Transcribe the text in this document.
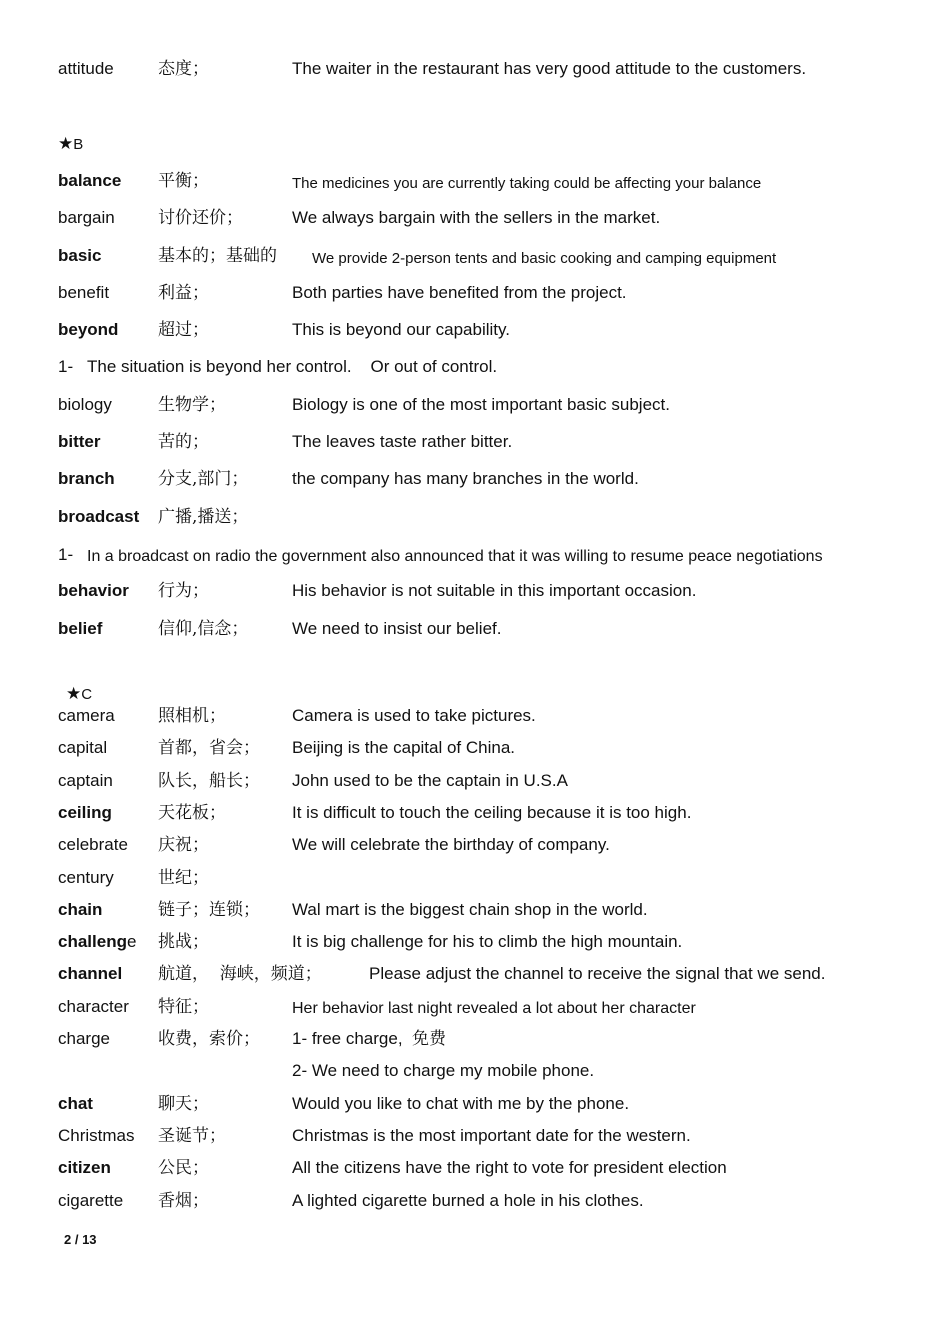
attitude	态度；	The waiter in the restaurant has very good attitude to the customers.
★B
balance 平衡；	The medicines you are currently taking could be affecting your balance
bargain	讨价还价；	We always bargain with the sellers in the market.
basic	基本的；基础的 We provide 2-person tents and basic cooking and camping equipment
benefit	利益；	Both parties have benefited from the project.
beyond 超过；	This is beyond our capability.
1- The situation is beyond her control.    Or out of control.
biology	生物学；	Biology is one of the most important basic subject.
bitter	苦的；	The leaves taste rather bitter.
branch	分支,部门；	the company has many branches in the world.
broadcast 广播,播送；
1- In a broadcast on radio the government also announced that it was willing to resume peace negotiations
behavior 行为；	His behavior is not suitable in this important occasion.
belief	信仰,信念；	We need to insist our belief.
★C
camera	照相机；	Camera is used to take pictures.
capital	首都，省会； Beijing is the capital of China.
captain	队长，船长； John used to be the captain in U.S.A
ceiling	天花板；	It is difficult to touch the ceiling because it is too high.
celebrate 庆祝；	We will celebrate the birthday of company.
century	世纪；
chain	链子；连锁； Wal mart is the biggest chain shop in the world.
challenge 挑战；	It is big challenge for his to climb the high mountain.
channel 航道，  海峡，频道；	Please adjust the channel to receive the signal that we send.
character 特征；	Her behavior last night revealed a lot about her character
charge	收费，索价； 1- free charge,  免费
2- We need to charge my mobile phone.
chat	聊天；	Would you like to chat with me by the phone.
Christmas 圣诞节；	Christmas is the most important date for the western.
citizen	公民；	All the citizens have the right to vote for president election
cigarette 香烟；	A lighted cigarette burned a hole in his clothes.
2 / 13
